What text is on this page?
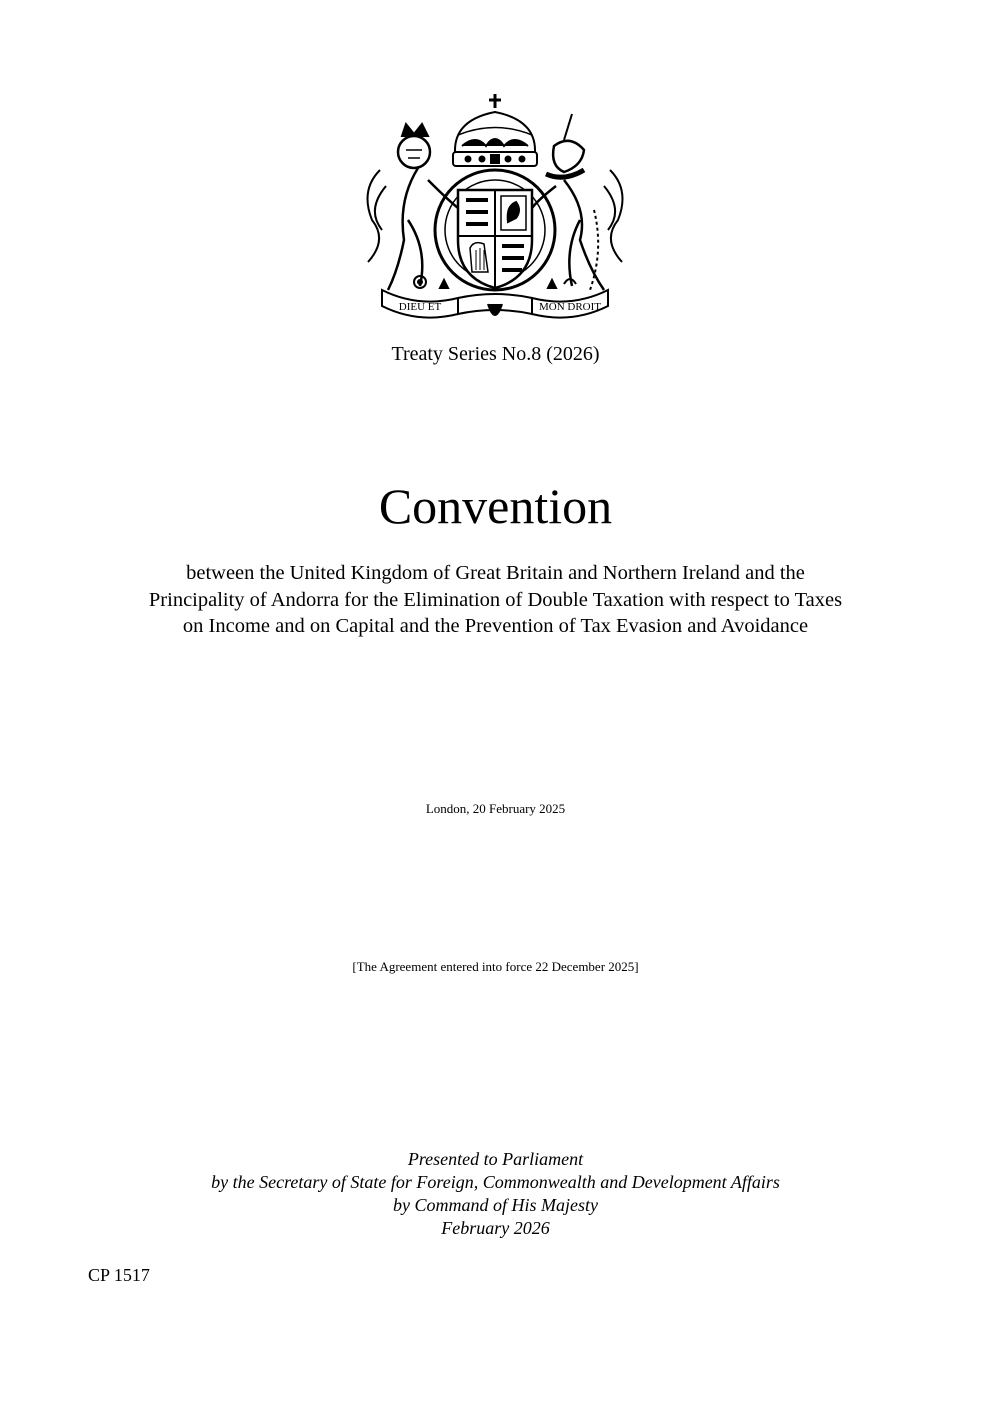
DIEU ET	MON DROIT
Treaty Series No.8 (2026)
Convention
between the United Kingdom of Great Britain and Northern Ireland and the
Principality of Andorra for the Elimination of Double Taxation with respect to Taxes
on Income and on Capital and the Prevention of Tax Evasion and Avoidance
London, 20 February 2025
[The Agreement entered into force 22 December 2025]
Presented to Parliament
by the Secretary of State for Foreign, Commonwealth and Development Affairs
by Command of His Majesty
February 2026
CP 1517
